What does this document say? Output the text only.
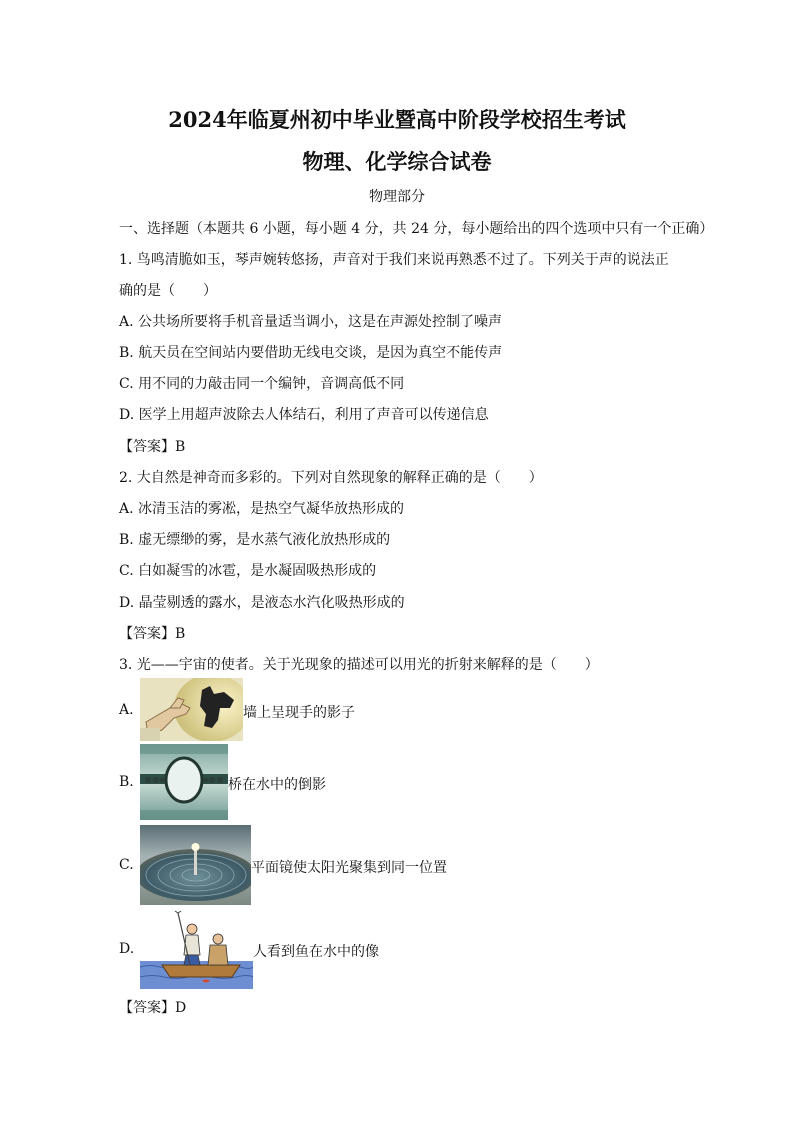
2024年临夏州初中毕业暨高中阶段学校招生考试
物理、化学综合试卷
物理部分
一、选择题（本题共 6 小题，每小题 4 分，共 24 分，每小题给出的四个选项中只有一个正确）
1. 鸟鸣清脆如玉，琴声婉转悠扬，声音对于我们来说再熟悉不过了。下列关于声的说法正
确的是（　　）
A. 公共场所要将手机音量适当调小，这是在声源处控制了噪声
B. 航天员在空间站内要借助无线电交谈，是因为真空不能传声
C. 用不同的力敲击同一个编钟，音调高低不同
D. 医学上用超声波除去人体结石，利用了声音可以传递信息
【答案】B
2. 大自然是神奇而多彩的。下列对自然现象的解释正确的是（　　）
A. 冰清玉洁的雾凇，是热空气凝华放热形成的
B. 虚无缥缈的雾，是水蒸气液化放热形成的
C. 白如凝雪的冰雹，是水凝固吸热形成的
D. 晶莹剔透的露水，是液态水汽化吸热形成的
【答案】B
3. 光——宇宙的使者。关于光现象的描述可以用光的折射来解释的是（　　）
A.	墙上呈现手的影子
B.	桥在水中的倒影
C.	平面镜使太阳光聚集到同一位置
D.	人看到鱼在水中的像
【答案】D
